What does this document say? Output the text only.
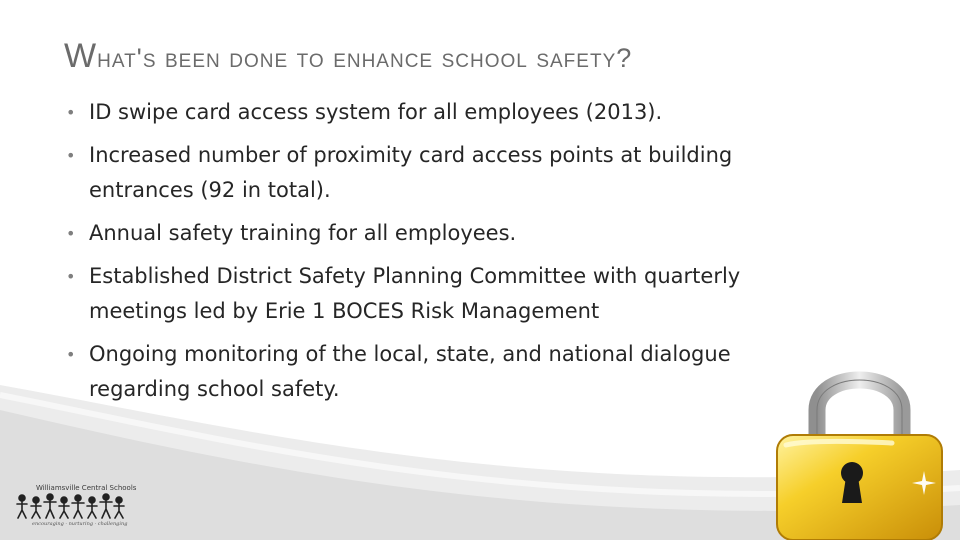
What's been done to enhance school safety?
• ID swipe card access system for all employees (2013).
• Increased number of proximity card access points at building entrances (92 in total).
• Annual safety training for all employees.
• Established District Safety Planning Committee with quarterly meetings led by Erie 1 BOCES Risk Management
• Ongoing monitoring of the local, state, and national dialogue regarding school safety.
Williamsville Central Schools
encouraging · nurturing · challenging
